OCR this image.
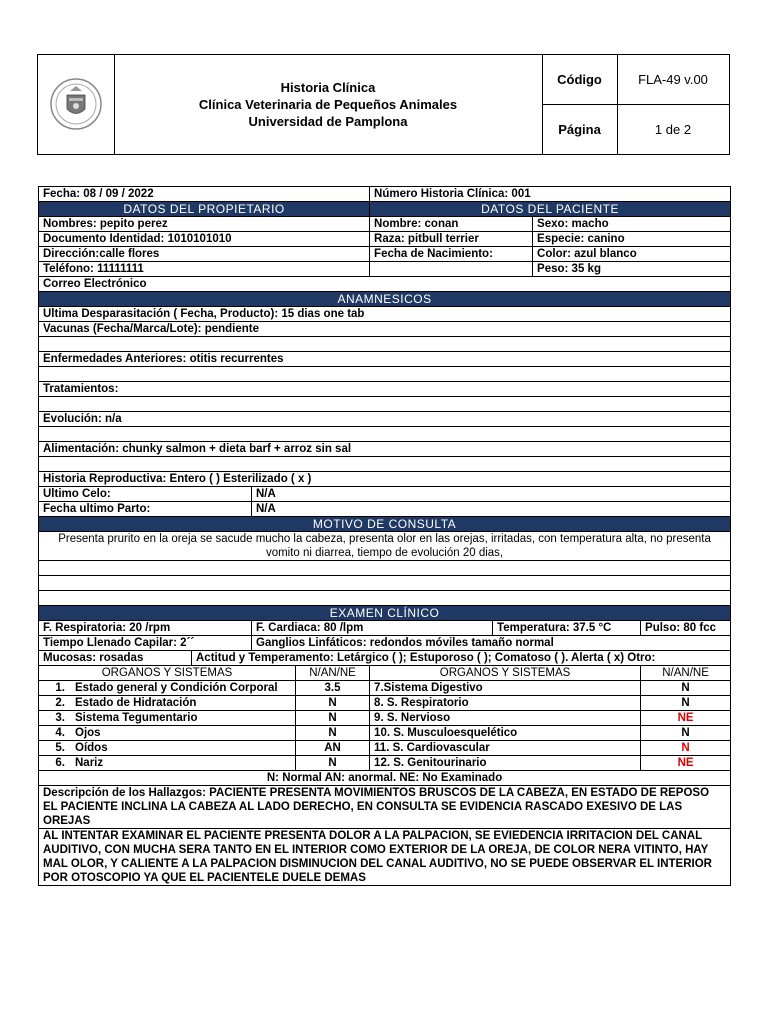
Historia Clínica
Clínica Veterinaria de Pequeños Animales
Universidad de Pamplona
Código	FLA-49 v.00
Página	1 de 2
Fecha: 08 / 09 / 2022				Número Historia Clínica: 001			
DATOS DEL PROPIETARIO				DATOS DEL PACIENTE			
Nombres: pepito perez				Nombre: conan		Sexo: macho	
Documento Identidad: 1010101010				Raza: pitbull terrier		Especie: canino	
Dirección:calle flores				Fecha de Nacimiento:		Color: azul blanco	
Teléfono: 11111111						Peso: 35 kg	
Correo Electrónico							
ANAMNESICOS							
Ultima Desparasitación ( Fecha, Producto): 15 dias one tab							
Vacunas (Fecha/Marca/Lote): pendiente							

Enfermedades Anteriores: otitis recurrentes							

Tratamientos:							

Evolución: n/a							

Alimentación: chunky salmon + dieta barf + arroz sin sal							

Historia Reproductiva: Entero ( ) Esterilizado ( x )							
Ultimo Celo:		N/A					
Fecha ultimo Parto:		N/A					
MOTIVO DE CONSULTA							
Presenta prurito en la oreja se sacude mucho la cabeza, presenta olor en las orejas, irritadas, con temperatura alta, no presenta vomito ni diarrea, tiempo de evolución 20 dias,							

EXAMEN CLÍNICO							
F. Respiratoria: 20 /rpm		F. Cardiaca: 80 /lpm			Temperatura: 37.5 °C		Pulso: 80 fcc
Tiempo Llenado Capilar: 2´´		Ganglios Linfáticos: redondos móviles tamaño normal					
Mucosas: rosadas	Actitud y Temperamento: Letárgico ( ); Estuporoso ( ); Comatoso ( ). Alerta ( x) Otro:						
ORGANOS Y SISTEMAS			N/AN/NE	ORGANOS Y SISTEMAS			N/AN/NE
1. Estado general y Condición Corporal			3.5	7.Sistema Digestivo			N
2. Estado de Hidratación			N	8. S. Respiratorio			N
3. Sistema Tegumentario			N	9. S. Nervioso			NE
4. Ojos			N	10. S. Musculoesquelético			N
5. Oídos			AN	11. S. Cardiovascular			N
6. Nariz			N	12. S. Genitourinario			NE
N: Normal AN: anormal. NE: No Examinado							
Descripción de los Hallazgos: PACIENTE PRESENTA MOVIMIENTOS BRUSCOS DE LA CABEZA, EN ESTADO DE REPOSO EL PACIENTE INCLINA LA CABEZA AL LADO DERECHO, EN CONSULTA SE EVIDENCIA RASCADO EXESIVO DE LAS OREJAS							
AL INTENTAR EXAMINAR EL PACIENTE PRESENTA DOLOR A LA PALPACION, SE EVIEDENCIA IRRITACION DEL CANAL AUDITIVO, CON MUCHA SERA TANTO EN EL INTERIOR COMO EXTERIOR DE LA OREJA, DE COLOR NERA VITINTO, HAY MAL OLOR, Y CALIENTE A LA PALPACION DISMINUCION DEL CANAL AUDITIVO, NO SE PUEDE OBSERVAR EL INTERIOR POR OTOSCOPIO YA QUE EL PACIENTELE DUELE DEMAS							
